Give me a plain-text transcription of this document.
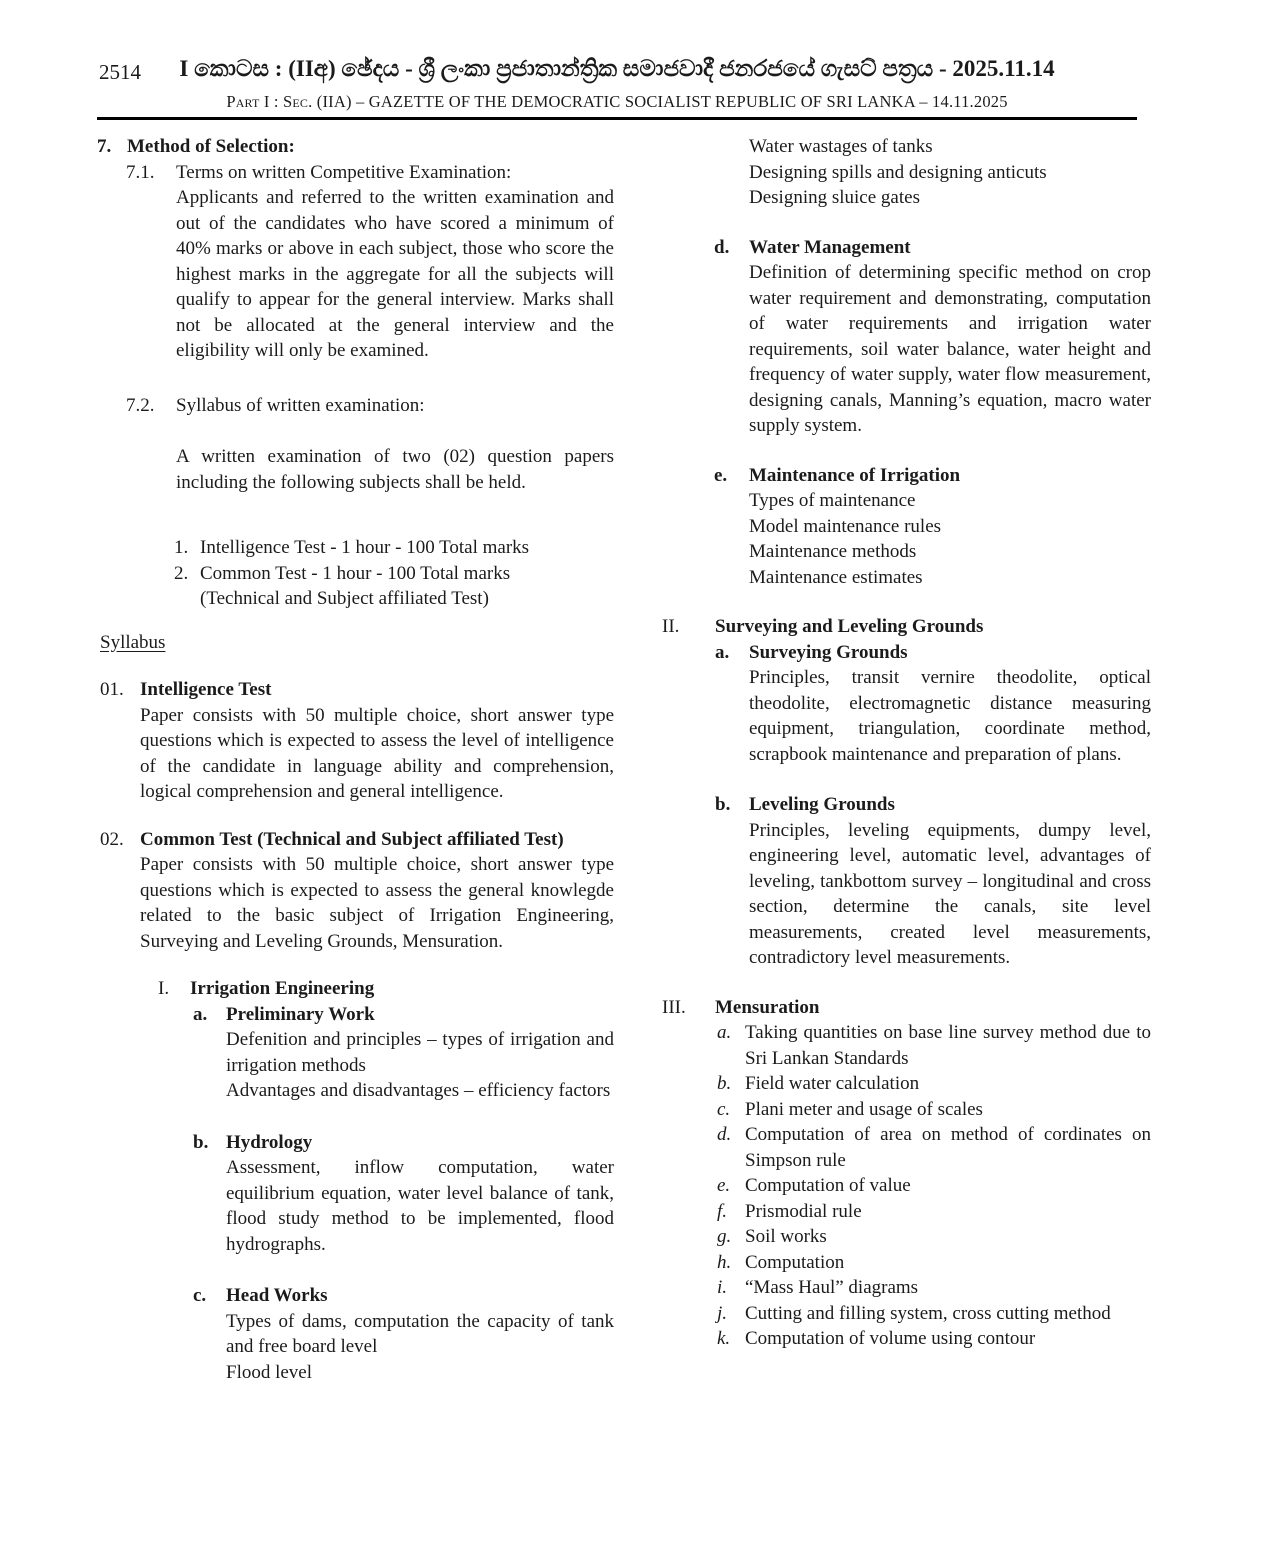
2514	I කොටස : (IIඅ) ඡේදය - ශ්‍රී ලංකා ප්‍රජාතාන්ත්‍රික සමාජවාදී ජනරජයේ ගැසට් පත්‍රය - 2025.11.14
Part I : Sec. (IIA) – GAZETTE OF THE DEMOCRATIC SOCIALIST REPUBLIC OF SRI LANKA – 14.11.2025
7. Method of Selection:
7.1.	Terms on written Competitive Examination:

Applicants and referred to the written examination and out of the candidates who have scored a minimum of 40% marks or above in each subject, those who score the highest marks in the aggregate for all the subjects will qualify to appear for the general interview. Marks shall not be allocated at the general interview and the eligibility will only be examined.

7.2.	Syllabus of written examination:

A written examination of two (02) question papers including the following subjects shall be held.

1. Intelligence Test - 1 hour - 100 Total marks
2. Common Test - 1 hour - 100 Total marks
(Technical and Subject affiliated Test)
Syllabus
01. Intelligence Test

Paper consists with 50 multiple choice, short answer type questions which is expected to assess the level of intelligence of the candidate in language ability and comprehension, logical comprehension and general intelligence.

02. Common Test (Technical and Subject affiliated Test)

Paper consists with 50 multiple choice, short answer type questions which is expected to assess the general knowlegde related to the basic subject of Irrigation Engineering, Surveying and Leveling Grounds, Mensuration.

I.	Irrigation Engineering
a. Preliminary Work

Defenition and principles – types of irrigation and irrigation methods

Advantages and disadvantages – efficiency factors

b. Hydrology

Assessment, inflow computation, water equilibrium equation, water level balance of tank, flood study method to be implemented, flood hydrographs.

c.	Head Works

Types of dams, computation the capacity of tank and free board level

Flood level

Water wastages of tanks
Designing spills and designing anticuts
Designing sluice gates
d.	Water Management

Definition of determining specific method on crop water requirement and demonstrating, computation of water requirements and irrigation water requirements, soil water balance, water height and frequency of water supply, water flow measurement, designing canals, Manning’s equation, macro water supply system.

e.	Maintenance of Irrigation
Types of maintenance
Model maintenance rules
Maintenance methods
Maintenance estimates
II.	Surveying and Leveling Grounds
a.	Surveying Grounds

Principles, transit vernire theodolite, optical theodolite, electromagnetic distance measuring equipment, triangulation, coordinate method, scrapbook maintenance and preparation of plans.

b. Leveling Grounds

Principles, leveling equipments, dumpy level, engineering level, automatic level, advantages of leveling, tankbottom survey – longitudinal and cross section, determine the canals, site level measurements, created level measurements, contradictory level measurements.

III.	Mensuration
a. Taking quantities on base line survey method due to Sri Lankan Standards
b. Field water calculation
c. Plani meter and usage of scales
d. Computation of area on method of cordinates on Simpson rule
e. Computation of value
f. Prismodial rule
g. Soil works
h. Computation
i. “Mass Haul” diagrams
j. Cutting and filling system, cross cutting method
k. Computation of volume using contour
